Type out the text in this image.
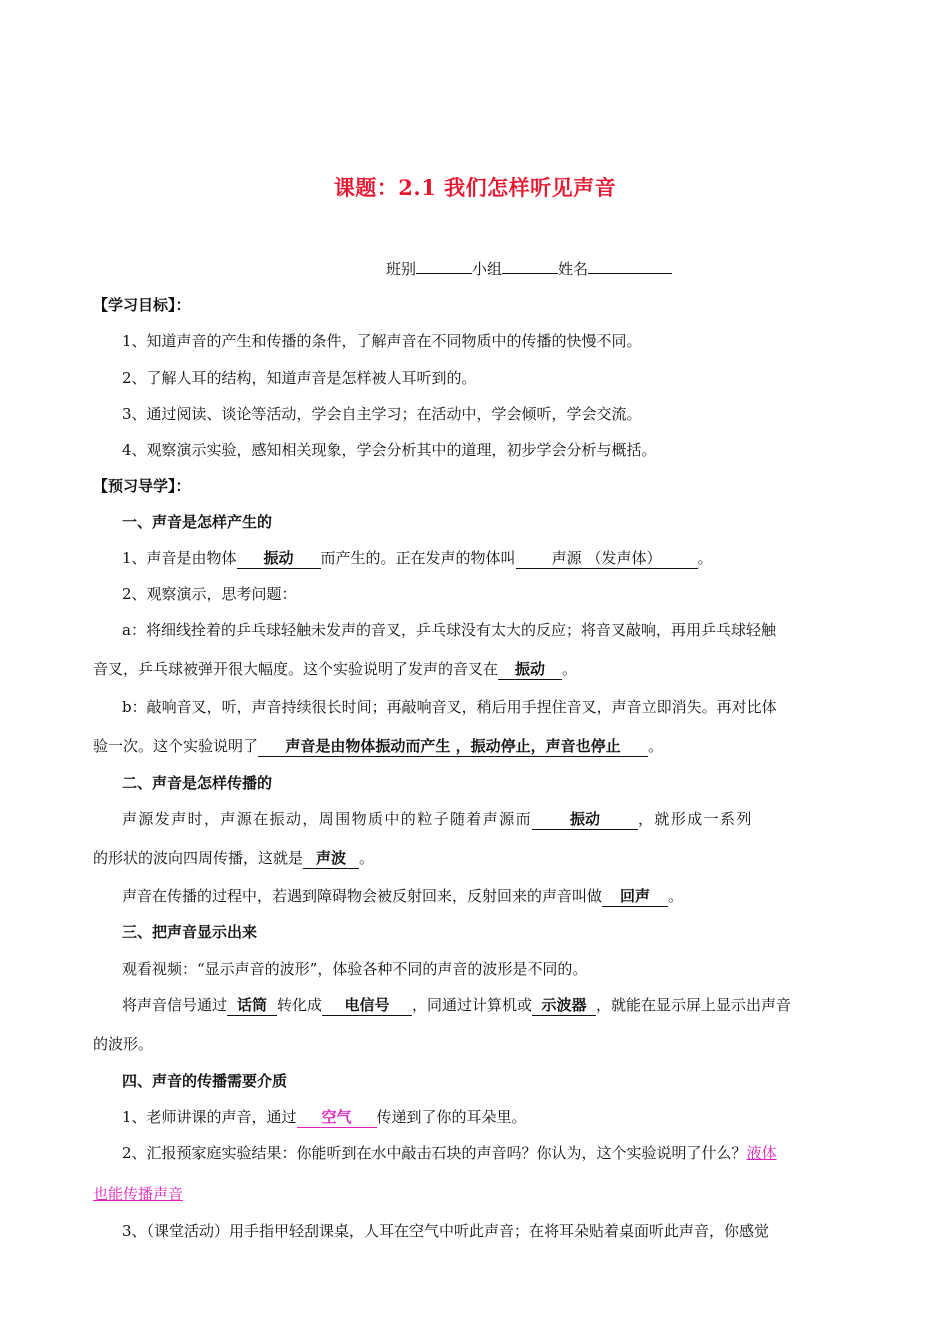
课题：2.1 我们怎样听见声音
班别	小组	姓名
【学习目标】：
1、知道声音的产生和传播的条件，了解声音在不同物质中的传播的快慢不同。
2、了解人耳的结构，知道声音是怎样被人耳听到的。
3、通过阅读、谈论等活动，学会自主学习；在活动中，学会倾听，学会交流。
4、观察演示实验，感知相关现象，学会分析其中的道理，初步学会分析与概括。
【预习导学】：
一、声音是怎样产生的
1、声音是由物体 振动 而产生的。正在发声的物体叫 声源 （发声体） 。
2、观察演示，思考问题：
a：将细线拴着的乒乓球轻触未发声的音叉，乒乓球没有太大的反应；将音叉敲响，再用乒乓球轻触
音叉，乒乓球被弹开很大幅度。这个实验说明了发声的音叉在 振动 。
b：敲响音叉，听，声音持续很长时间；再敲响音叉，稍后用手捏住音叉，声音立即消失。再对比体
验一次。这个实验说明了 声音是由物体振动而产生 ，振动停止，声音也停止 。
二、声音是怎样传播的
声源发声时，声源在振动，周围物质中的粒子随着声源而	振动	，就形成一系列
的形状的波向四周传播，这就是 声波 。
声音在传播的过程中，若遇到障碍物会被反射回来，反射回来的声音叫做 回声 。
三、把声音显示出来
观看视频：“显示声音的波形”，体验各种不同的声音的波形是不同的。
将声音信号通过 话筒 转化成 电信号 ，同通过计算机或 示波器 ，就能在显示屏上显示出声音
的波形。
四、声音的传播需要介质
1、老师讲课的声音，通过 空气 传递到了你的耳朵里。
2、汇报预家庭实验结果：你能听到在水中敲击石块的声音吗？你认为，这个实验说明了什么？液体
也能传播声音
3、（课堂活动）用手指甲轻刮课桌，人耳在空气中听此声音；在将耳朵贴着桌面听此声音，你感觉
